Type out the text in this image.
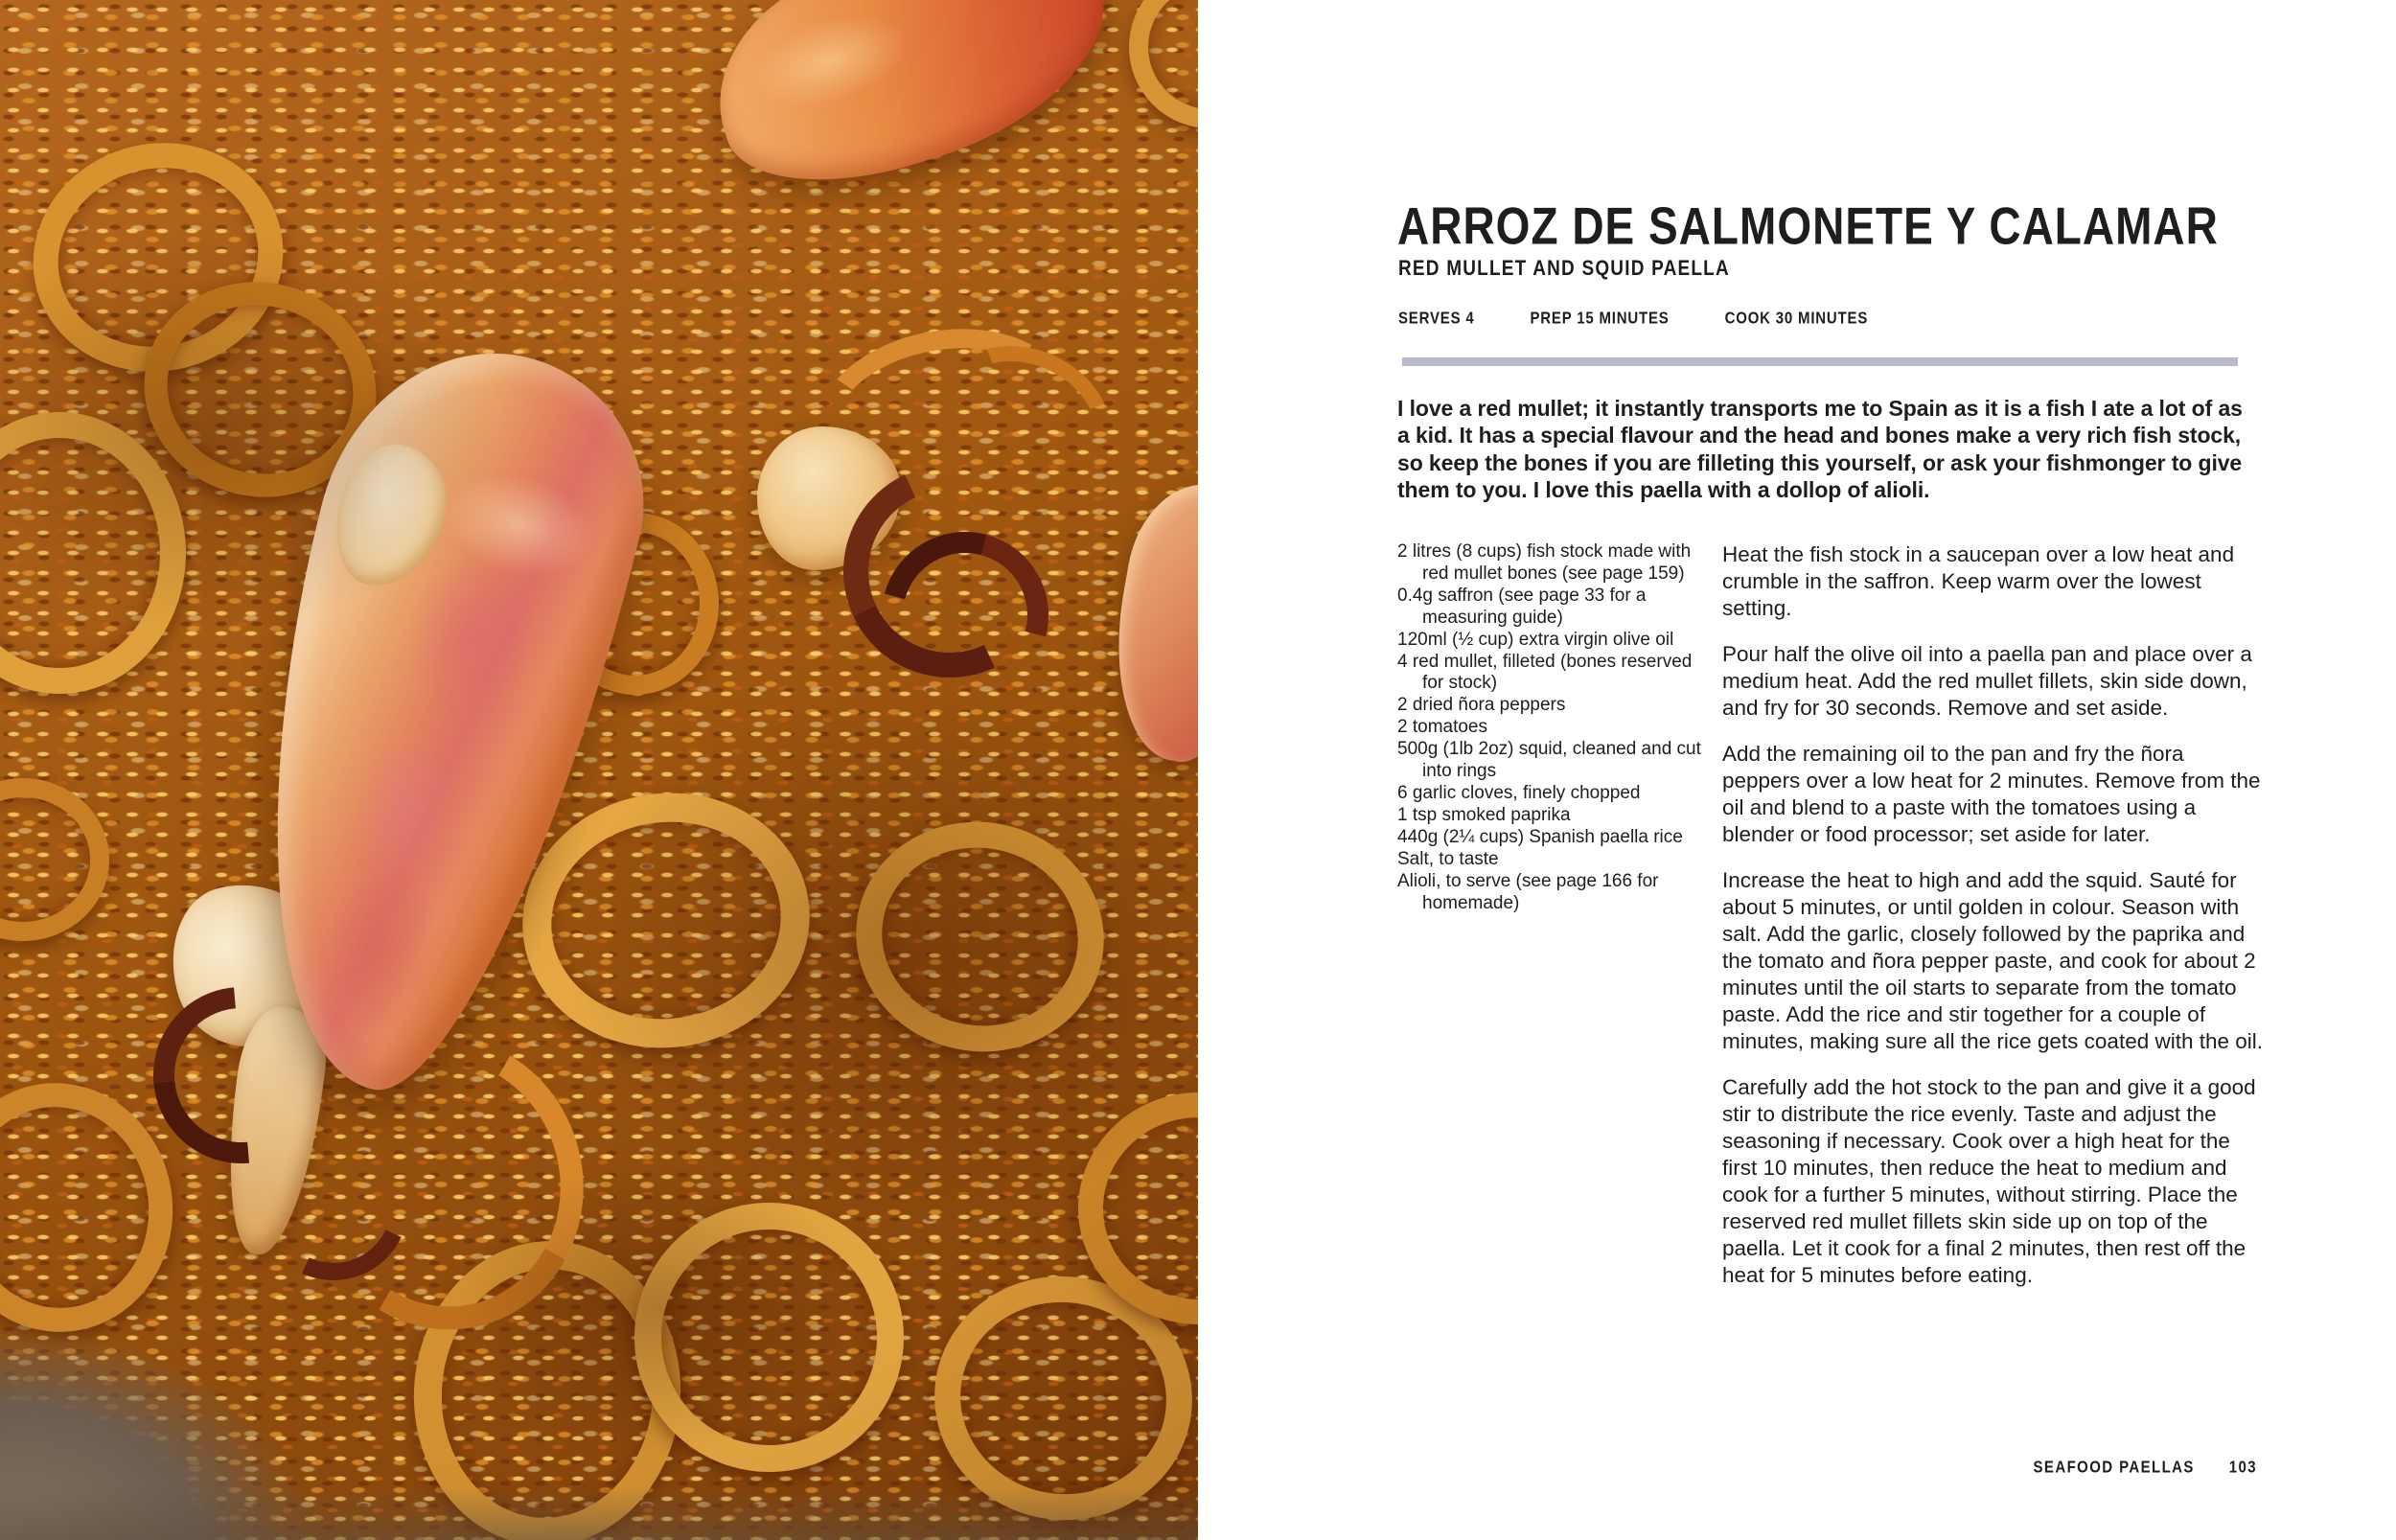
ARROZ DE SALMONETE Y CALAMAR
RED MULLET AND SQUID PAELLA
SERVES 4	PREP 15 MINUTES	COOK 30 MINUTES

I love a red mullet; it instantly transports me to Spain as it is a fish I ate a lot of as a kid. It has a special flavour and the head and bones make a very rich fish stock, so keep the bones if you are filleting this yourself, or ask your fishmonger to give them to you. I love this paella with a dollop of alioli.

2 litres (8 cups) fish stock made with red mullet bones (see page 159)
0.4g saffron (see page 33 for a measuring guide)
120ml (½ cup) extra virgin olive oil
4 red mullet, filleted (bones reserved for stock)
2 dried ñora peppers
2 tomatoes
500g (1lb 2oz) squid, cleaned and cut into rings
6 garlic cloves, finely chopped
1 tsp smoked paprika
440g (2¼ cups) Spanish paella rice
Salt, to taste
Alioli, to serve (see page 166 for homemade)

Heat the fish stock in a saucepan over a low heat and crumble in the saffron. Keep warm over the lowest setting.

Pour half the olive oil into a paella pan and place over a medium heat. Add the red mullet fillets, skin side down, and fry for 30 seconds. Remove and set aside.

Add the remaining oil to the pan and fry the ñora peppers over a low heat for 2 minutes. Remove from the oil and blend to a paste with the tomatoes using a blender or food processor; set aside for later.

Increase the heat to high and add the squid. Sauté for about 5 minutes, or until golden in colour. Season with salt. Add the garlic, closely followed by the paprika and the tomato and ñora pepper paste, and cook for about 2 minutes until the oil starts to separate from the tomato paste. Add the rice and stir together for a couple of minutes, making sure all the rice gets coated with the oil.

Carefully add the hot stock to the pan and give it a good stir to distribute the rice evenly. Taste and adjust the seasoning if necessary. Cook over a high heat for the first 10 minutes, then reduce the heat to medium and cook for a further 5 minutes, without stirring. Place the reserved red mullet fillets skin side up on top of the paella. Let it cook for a final 2 minutes, then rest off the heat for 5 minutes before eating.

SEAFOOD PAELLAS 103
